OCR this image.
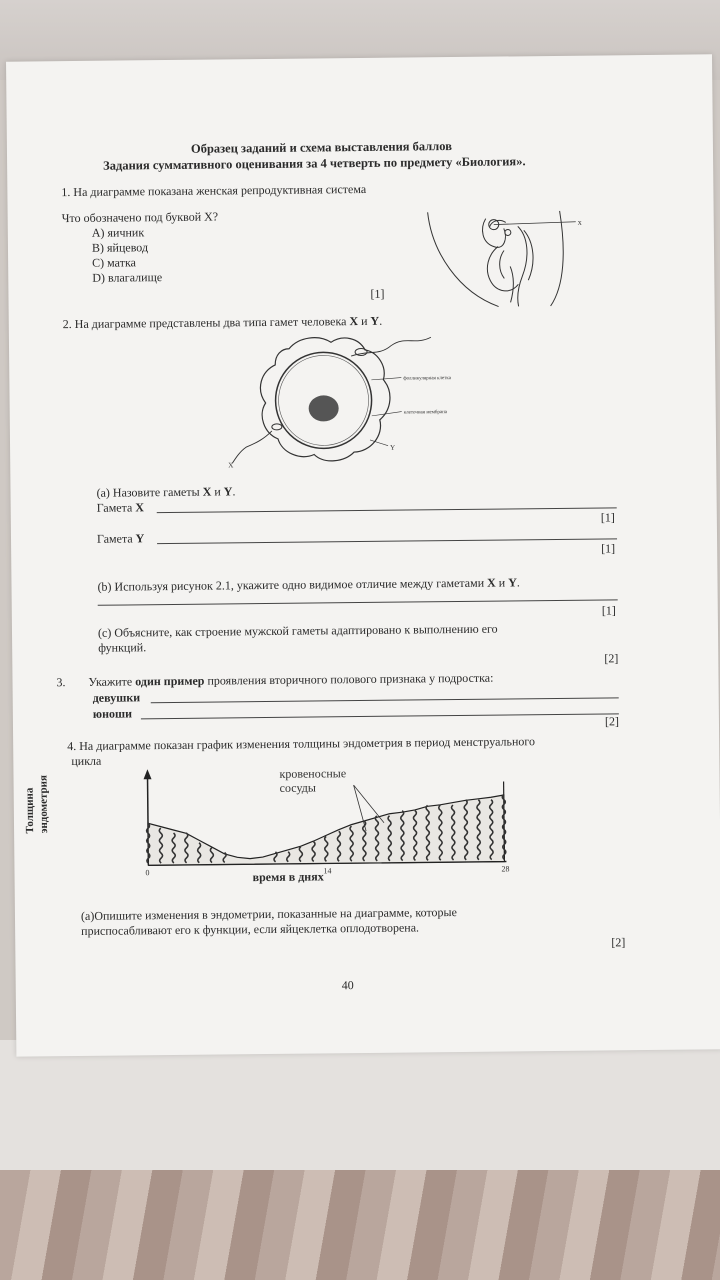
Образец заданий и схема выставления баллов
Задания суммативного оценивания за 4 четверть по предмету «Биология».
1. На диаграмме показана женская репродуктивная система
Что обозначено под буквой X?
A) яичник
B) яйцевод
C) матка
D) влагалище
[1]
x
2. На диаграмме представлены два типа гамет человека X и Y.
фолликулярная клетка
клеточная мембрана
Y
X
(a) Назовите гаметы X и Y.
Гамета X
[1]
Гамета Y
[1]
(b) Используя рисунок 2.1, укажите одно видимое отличие между гаметами X и Y.
[1]
(c) Объясните, как строение мужской гаметы адаптировано к выполнению его
функций.
[2]
3. Укажите один пример проявления вторичного полового признака у подростка:
девушки
юноши
[2]
4. На диаграмме показан график изменения толщины эндометрия в период менструального
цикла
0	14	28
кровеносные
сосуды
Толщина эндометрия
время в днях
(a)Опишите изменения в эндометрии, показанные на диаграмме, которые
приспосабливают его к функции, если яйцеклетка оплодотворена.
[2]
40
